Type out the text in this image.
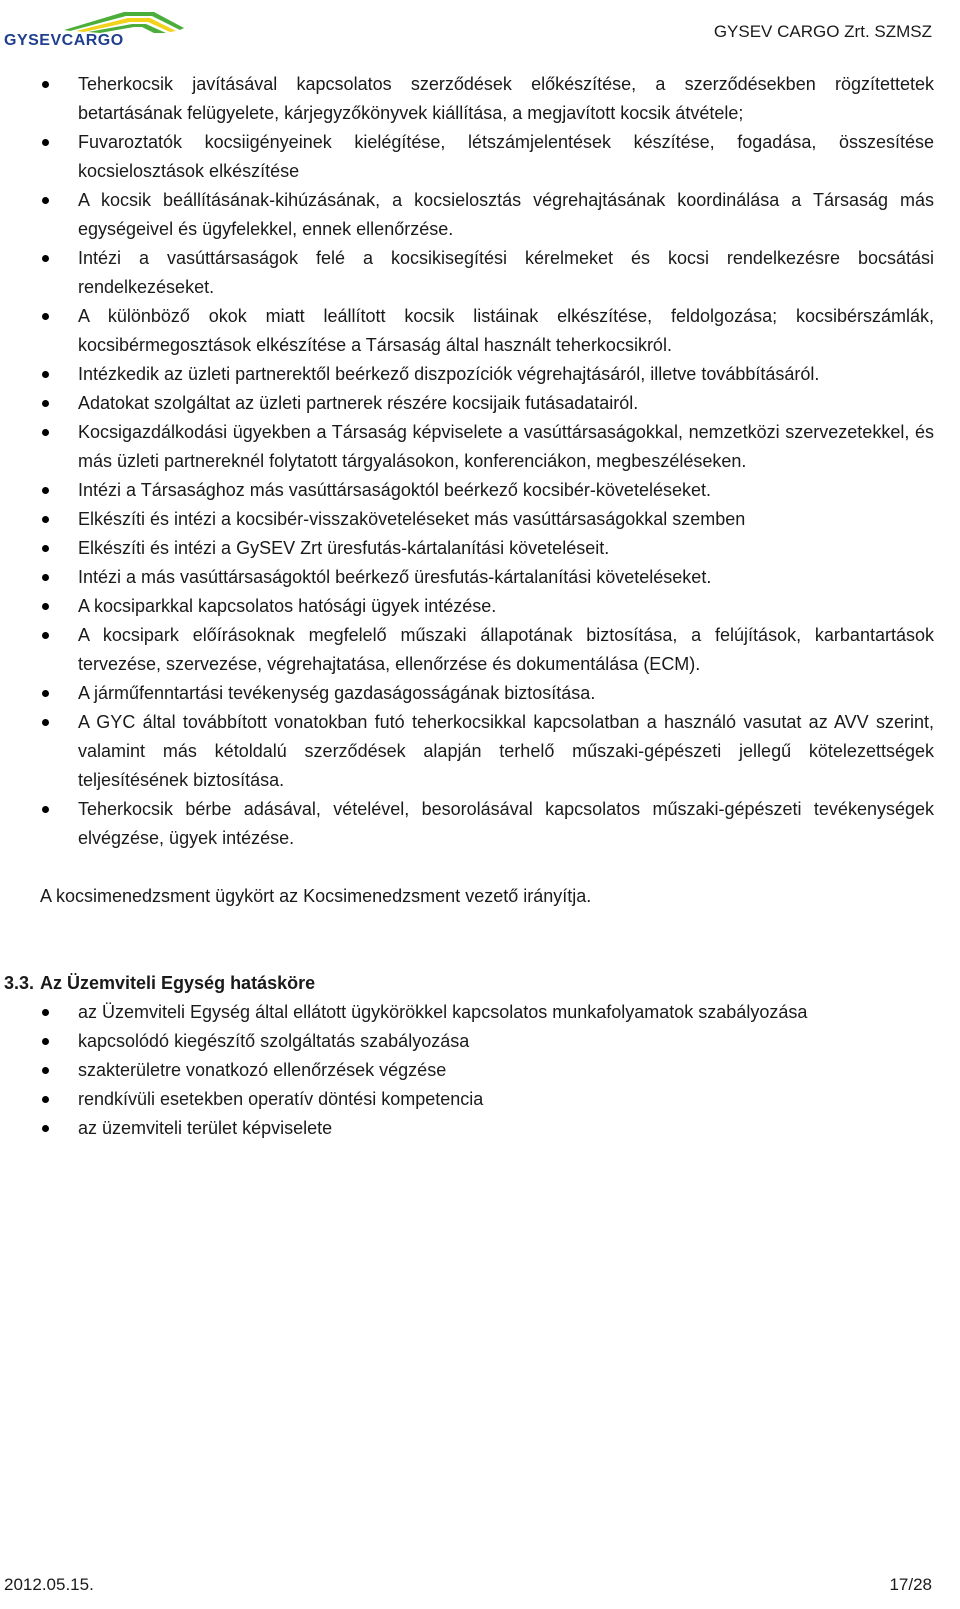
GYSEVCARGO	GYSEV CARGO Zrt. SZMSZ
Teherkocsik javításával kapcsolatos szerződések előkészítése, a szerződésekben rögzítettetek betartásának felügyelete, kárjegyzőkönyvek kiállítása, a megjavított kocsik átvétele;
Fuvaroztatók kocsiigényeinek kielégítése, létszámjelentések készítése, fogadása, összesítése kocsielosztások elkészítése
A kocsik beállításának-kihúzásának, a kocsielosztás végrehajtásának koordinálása a Társaság más egységeivel és ügyfelekkel, ennek ellenőrzése.
Intézi a vasúttársaságok felé a kocsikisegítési kérelmeket és kocsi rendelkezésre bocsátási rendelkezéseket.
A különböző okok miatt leállított kocsik listáinak elkészítése, feldolgozása; kocsibérszámlák, kocsibérmegosztások elkészítése a Társaság által használt teherkocsikról.
Intézkedik az üzleti partnerektől beérkező diszpozíciók végrehajtásáról, illetve továbbításáról.
Adatokat szolgáltat az üzleti partnerek részére kocsijaik futásadatairól.
Kocsigazdálkodási ügyekben a Társaság képviselete a vasúttársaságokkal, nemzetközi szervezetekkel, és más üzleti partnereknél folytatott tárgyalásokon, konferenciákon, megbeszéléseken.
Intézi a Társasághoz más vasúttársaságoktól beérkező kocsibér-követeléseket.
Elkészíti és intézi a kocsibér-visszaköveteléseket más vasúttársaságokkal szemben
Elkészíti és intézi a GySEV Zrt üresfutás-kártalanítási követeléseit.
Intézi a más vasúttársaságoktól beérkező üresfutás-kártalanítási követeléseket.
A kocsiparkkal kapcsolatos hatósági ügyek intézése.
A kocsipark előírásoknak megfelelő műszaki állapotának biztosítása, a felújítások, karbantartások tervezése, szervezése, végrehajtatása, ellenőrzése és dokumentálása (ECM).
A járműfenntartási tevékenység gazdaságosságának biztosítása.
A GYC által továbbított vonatokban futó teherkocsikkal kapcsolatban a használó vasutat az AVV szerint, valamint más kétoldalú szerződések alapján terhelő műszaki-gépészeti jellegű kötelezettségek teljesítésének biztosítása.
Teherkocsik bérbe adásával, vételével, besorolásával kapcsolatos műszaki-gépészeti tevékenységek elvégzése, ügyek intézése.

A kocsimenedzsment ügykört az Kocsimenedzsment vezető irányítja.

3.3. Az Üzemviteli Egység hatásköre
az Üzemviteli Egység által ellátott ügykörökkel kapcsolatos munkafolyamatok szabályozása
kapcsolódó kiegészítő szolgáltatás szabályozása
szakterületre vonatkozó ellenőrzések végzése
rendkívüli esetekben operatív döntési kompetencia
az üzemviteli terület képviselete
2012.05.15.	17/28
